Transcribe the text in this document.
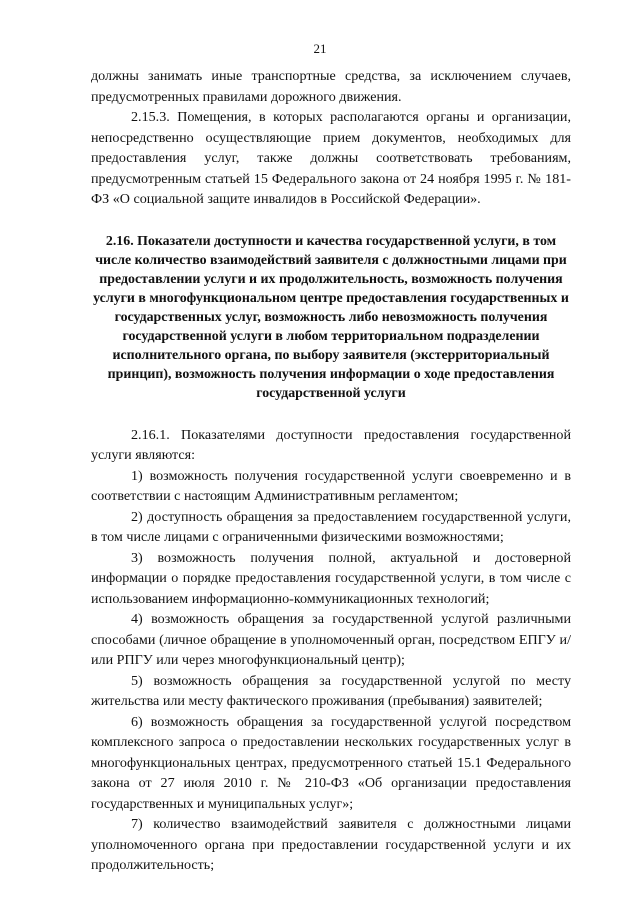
21

должны занимать иные транспортные средства, за исключением случаев, предусмотренных правилами дорожного движения.

2.15.3. Помещения, в которых располагаются органы и организации, непосредственно осуществляющие прием документов, необходимых для предоставления услуг, также должны соответствовать требованиям, предусмотренным статьей 15 Федерального закона от 24 ноября 1995 г. № 181-ФЗ «О социальной защите инвалидов в Российской Федерации».

2.16. Показатели доступности и качества государственной услуги, в том числе количество взаимодействий заявителя с должностными лицами при предоставлении услуги и их продолжительность, возможность получения услуги в многофункциональном центре предоставления государственных и государственных услуг, возможность либо невозможность получения государственной услуги в любом территориальном подразделении исполнительного органа, по выбору заявителя (экстерриториальный принцип), возможность получения информации о ходе предоставления государственной услуги

2.16.1. Показателями доступности предоставления государственной услуги являются:

1) возможность получения государственной услуги своевременно и в соответствии с настоящим Административным регламентом;

2) доступность обращения за предоставлением государственной услуги, в том числе лицами с ограниченными физическими возможностями;

3) возможность получения полной, актуальной и достоверной информации о порядке предоставления государственной услуги, в том числе с использованием информационно-коммуникационных технологий;

4) возможность обращения за государственной услугой различными способами (личное обращение в уполномоченный орган, посредством ЕПГУ и/или РПГУ или через многофункциональный центр);

5) возможность обращения за государственной услугой по месту жительства или месту фактического проживания (пребывания) заявителей;

6) возможность обращения за государственной услугой посредством комплексного запроса о предоставлении нескольких государственных услуг в многофункциональных центрах, предусмотренного статьей 15.1 Федерального закона от 27 июля 2010 г. № 210-ФЗ «Об организации предоставления государственных и муниципальных услуг»;

7) количество взаимодействий заявителя с должностными лицами уполномоченного органа при предоставлении государственной услуги и их продолжительность;
